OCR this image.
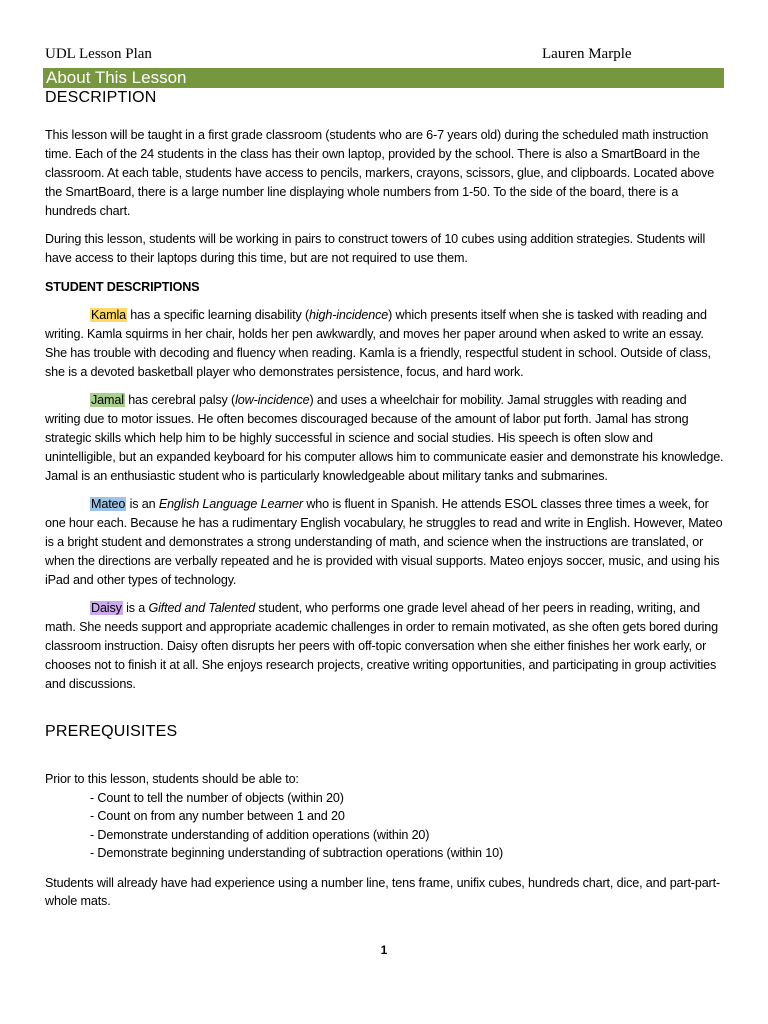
UDL Lesson Plan	Lauren Marple
About This Lesson
DESCRIPTION

This lesson will be taught in a first grade classroom (students who are 6-7 years old) during the scheduled math instruction time. Each of the 24 students in the class has their own laptop, provided by the school. There is also a SmartBoard in the classroom. At each table, students have access to pencils, markers, crayons, scissors, glue, and clipboards. Located above the SmartBoard, there is a large number line displaying whole numbers from 1-50. To the side of the board, there is a hundreds chart.

During this lesson, students will be working in pairs to construct towers of 10 cubes using addition strategies. Students will have access to their laptops during this time, but are not required to use them.

STUDENT DESCRIPTIONS

Kamla has a specific learning disability (high-incidence) which presents itself when she is tasked with reading and writing. Kamla squirms in her chair, holds her pen awkwardly, and moves her paper around when asked to write an essay. She has trouble with decoding and fluency when reading. Kamla is a friendly, respectful student in school. Outside of class, she is a devoted basketball player who demonstrates persistence, focus, and hard work.

Jamal has cerebral palsy (low-incidence) and uses a wheelchair for mobility. Jamal struggles with reading and writing due to motor issues. He often becomes discouraged because of the amount of labor put forth. Jamal has strong strategic skills which help him to be highly successful in science and social studies. His speech is often slow and unintelligible, but an expanded keyboard for his computer allows him to communicate easier and demonstrate his knowledge. Jamal is an enthusiastic student who is particularly knowledgeable about military tanks and submarines.

Mateo is an English Language Learner who is fluent in Spanish. He attends ESOL classes three times a week, for one hour each. Because he has a rudimentary English vocabulary, he struggles to read and write in English. However, Mateo is a bright student and demonstrates a strong understanding of math, and science when the instructions are translated, or when the directions are verbally repeated and he is provided with visual supports. Mateo enjoys soccer, music, and using his iPad and other types of technology.

Daisy is a Gifted and Talented student, who performs one grade level ahead of her peers in reading, writing, and math. She needs support and appropriate academic challenges in order to remain motivated, as she often gets bored during classroom instruction. Daisy often disrupts her peers with off-topic conversation when she either finishes her work early, or chooses not to finish it at all. She enjoys research projects, creative writing opportunities, and participating in group activities and discussions.

PREREQUISITES

Prior to this lesson, students should be able to:

- Count to tell the number of objects (within 20)
- Count on from any number between 1 and 20
- Demonstrate understanding of addition operations (within 20)
- Demonstrate beginning understanding of subtraction operations (within 10)

Students will already have had experience using a number line, tens frame, unifix cubes, hundreds chart, dice, and part-part-whole mats.

1
